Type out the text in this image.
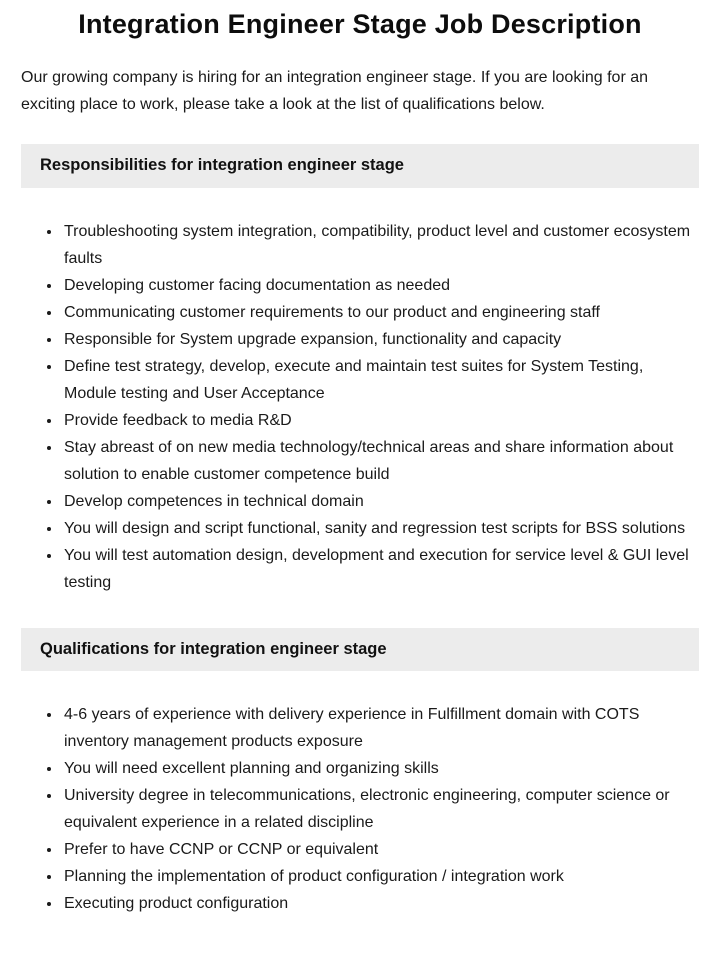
Integration Engineer Stage Job Description

Our growing company is hiring for an integration engineer stage. If you are looking for an exciting place to work, please take a look at the list of qualifications below.

Responsibilities for integration engineer stage
• Troubleshooting system integration, compatibility, product level and customer ecosystem faults
• Developing customer facing documentation as needed
• Communicating customer requirements to our product and engineering staff
• Responsible for System upgrade expansion, functionality and capacity
• Define test strategy, develop, execute and maintain test suites for System Testing, Module testing and User Acceptance
• Provide feedback to media R&D
• Stay abreast of on new media technology/technical areas and share information about solution to enable customer competence build
• Develop competences in technical domain
• You will design and script functional, sanity and regression test scripts for BSS solutions
• You will test automation design, development and execution for service level & GUI level testing
Qualifications for integration engineer stage
• 4-6 years of experience with delivery experience in Fulfillment domain with COTS inventory management products exposure
• You will need excellent planning and organizing skills
• University degree in telecommunications, electronic engineering, computer science or equivalent experience in a related discipline
• Prefer to have CCNP or CCNP or equivalent
• Planning the implementation of product configuration / integration work
• Executing product configuration
